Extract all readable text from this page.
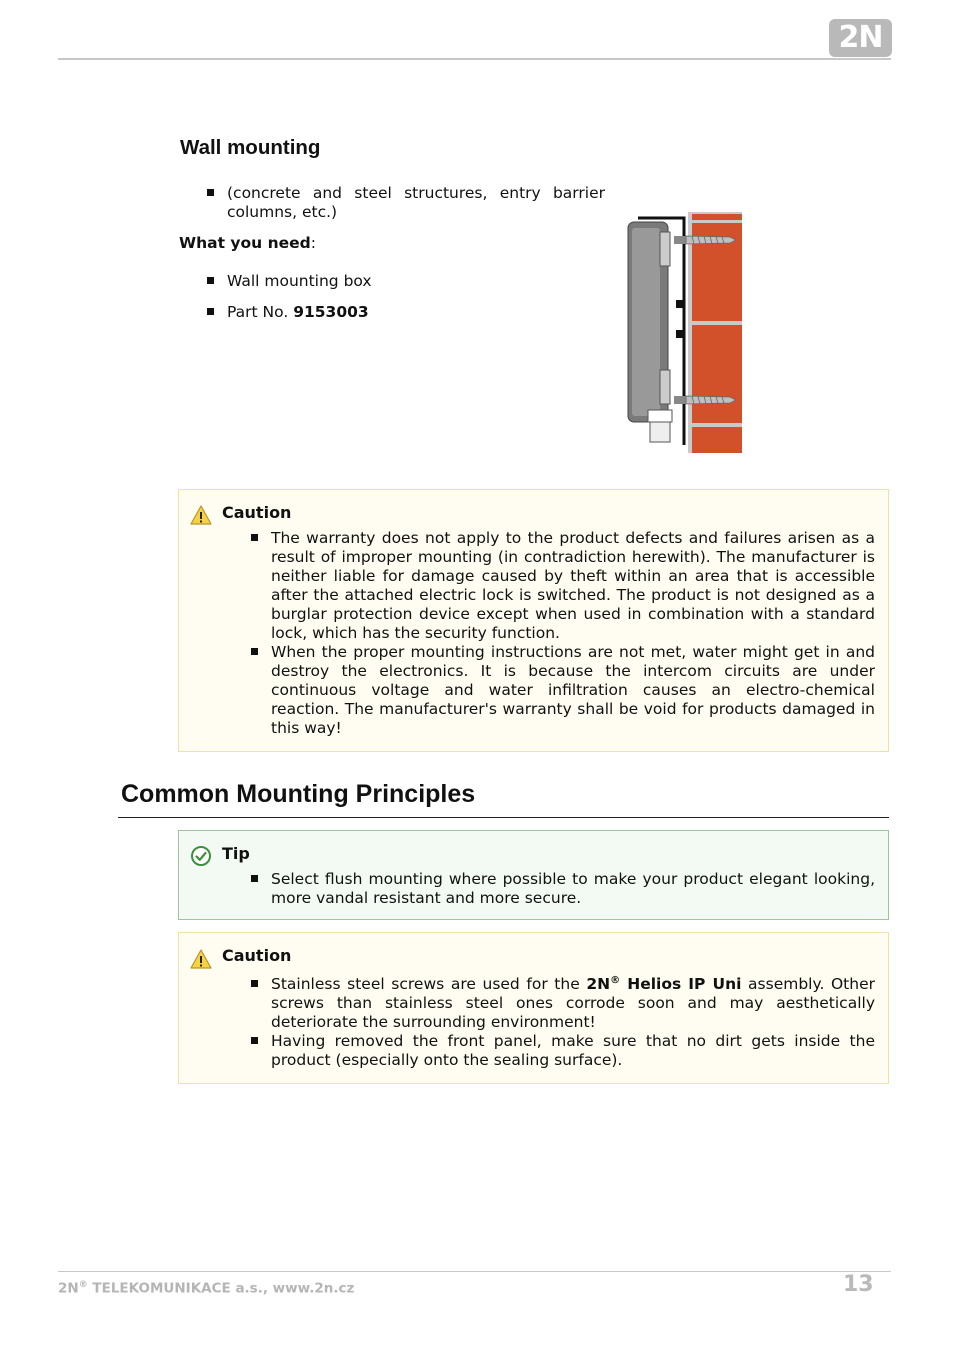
2N
Wall mounting
(concrete and steel structures, entry barrier columns, etc.)
What you need:
Wall mounting box
Part No. 9153003
Caution
The warranty does not apply to the product defects and failures arisen as a result of improper mounting (in contradiction herewith). The manufacturer is neither liable for damage caused by theft within an area that is accessible after the attached electric lock is switched. The product is not designed as a burglar protection device except when used in combination with a standard lock, which has the security function.
When the proper mounting instructions are not met, water might get in and destroy the electronics. It is because the intercom circuits are under continuous voltage and water infiltration causes an electro-chemical reaction. The manufacturer's warranty shall be void for products damaged in this way!
Common Mounting Principles
Tip
Select flush mounting where possible to make your product elegant looking, more vandal resistant and more secure.
Caution
Stainless steel screws are used for the 2N® Helios IP Uni assembly. Other screws than stainless steel ones corrode soon and may aesthetically deteriorate the surrounding environment!
Having removed the front panel, make sure that no dirt gets inside the product (especially onto the sealing surface).
2N® TELEKOMUNIKACE a.s., www.2n.cz	13
